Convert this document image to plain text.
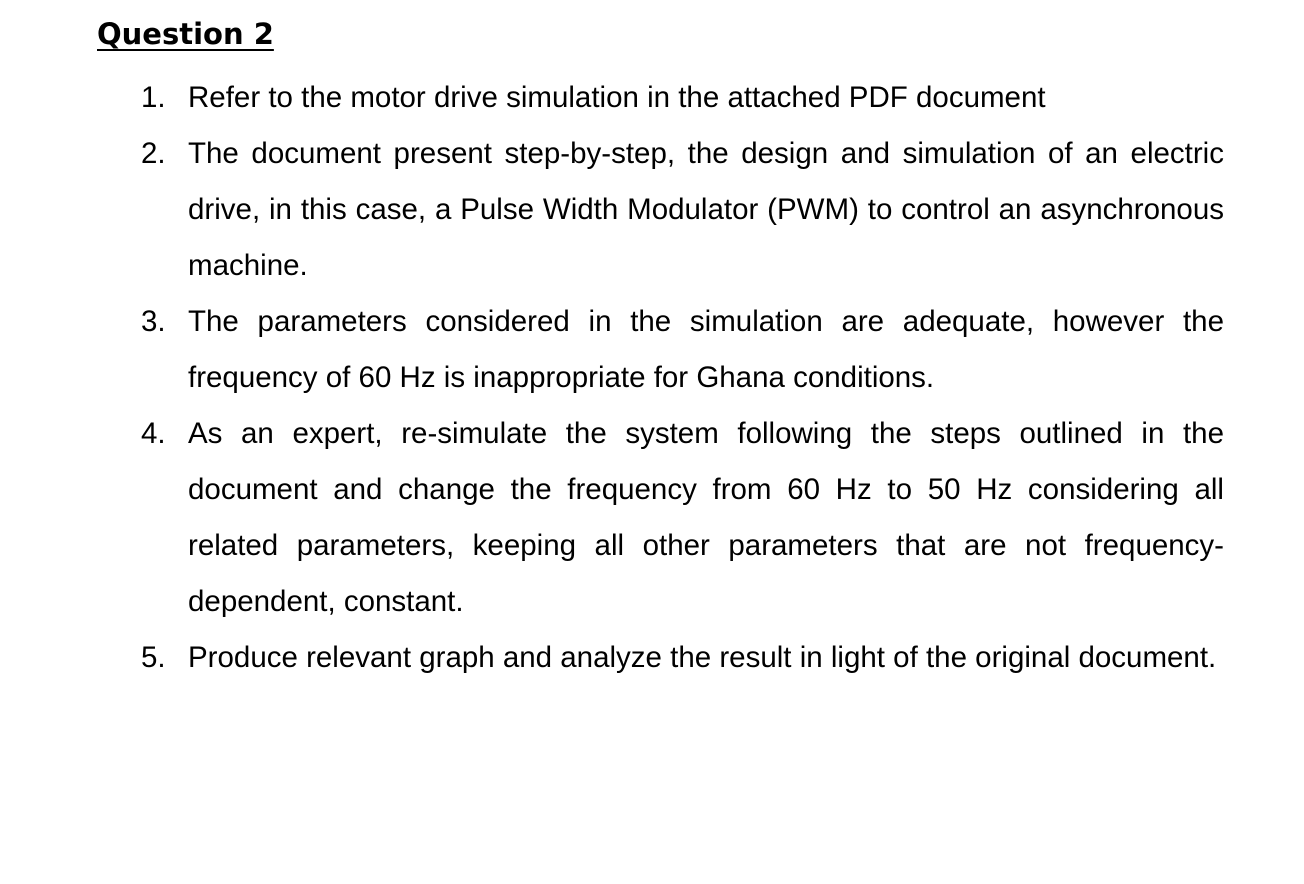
Question 2
1. Refer to the motor drive simulation in the attached PDF document
2. The document present step-by-step, the design and simulation of an electric drive, in this case, a Pulse Width Modulator (PWM) to control an asynchronous machine.
3. The parameters considered in the simulation are adequate, however the frequency of 60 Hz is inappropriate for Ghana conditions.
4. As an expert, re-simulate the system following the steps outlined in the document and change the frequency from 60 Hz to 50 Hz considering all related parameters, keeping all other parameters that are not frequency-dependent, constant.
5. Produce relevant graph and analyze the result in light of the original document.
